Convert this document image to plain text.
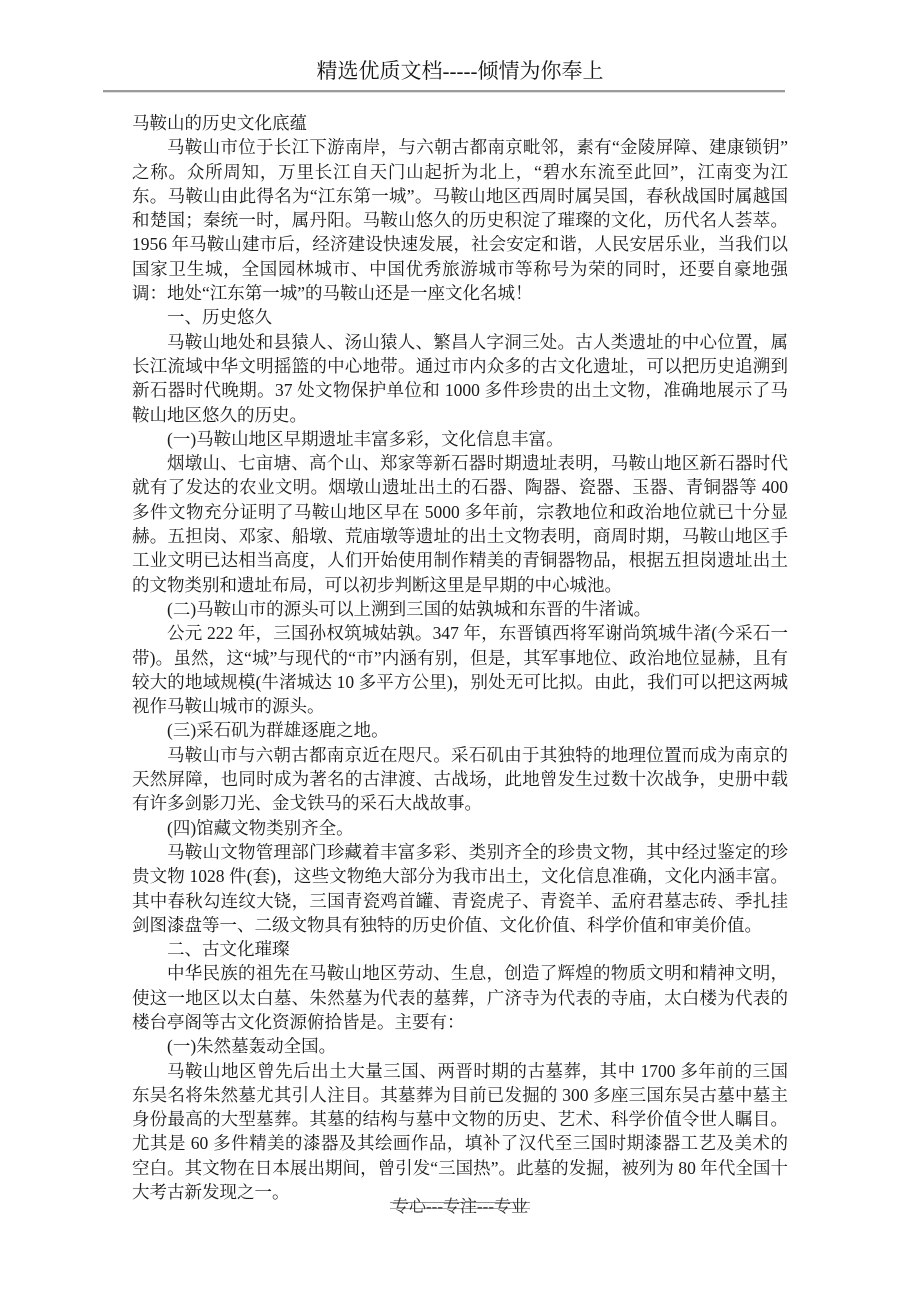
精选优质文档-----倾情为你奉上

马鞍山的历史文化底蕴

马鞍山市位于长江下游南岸，与六朝古都南京毗邻，素有“金陵屏障、建康锁钥”之称。众所周知，万里长江自天门山起折为北上，“碧水东流至此回”，江南变为江东。马鞍山由此得名为“江东第一城”。马鞍山地区西周时属吴国，春秋战国时属越国和楚国；秦统一时，属丹阳。马鞍山悠久的历史积淀了璀璨的文化，历代名人荟萃。1956 年马鞍山建市后，经济建设快速发展，社会安定和谐，人民安居乐业，当我们以国家卫生城，全国园林城市、中国优秀旅游城市等称号为荣的同时，还要自豪地强调：地处“江东第一城”的马鞍山还是一座文化名城！

一、历史悠久

马鞍山地处和县猿人、汤山猿人、繁昌人字洞三处。古人类遗址的中心位置，属长江流域中华文明摇篮的中心地带。通过市内众多的古文化遗址，可以把历史追溯到新石器时代晚期。37 处文物保护单位和 1000 多件珍贵的出土文物，准确地展示了马鞍山地区悠久的历史。

(一)马鞍山地区早期遗址丰富多彩，文化信息丰富。

烟墩山、七亩塘、高个山、郑家等新石器时期遗址表明，马鞍山地区新石器时代就有了发达的农业文明。烟墩山遗址出土的石器、陶器、瓷器、玉器、青铜器等 400 多件文物充分证明了马鞍山地区早在 5000 多年前，宗教地位和政治地位就已十分显赫。五担岗、邓家、船墩、荒庙墩等遗址的出土文物表明，商周时期，马鞍山地区手工业文明已达相当高度，人们开始使用制作精美的青铜器物品，根据五担岗遗址出土的文物类别和遗址布局，可以初步判断这里是早期的中心城池。

(二)马鞍山市的源头可以上溯到三国的姑孰城和东晋的牛渚诚。

公元 222 年，三国孙权筑城姑孰。347 年，东晋镇西将军谢尚筑城牛渚(今采石一带)。虽然，这“城”与现代的“市”内涵有别，但是，其军事地位、政治地位显赫，且有较大的地域规模(牛渚城达 10 多平方公里)，别处无可比拟。由此，我们可以把这两城视作马鞍山城市的源头。

(三)采石矶为群雄逐鹿之地。

马鞍山市与六朝古都南京近在咫尺。采石矶由于其独特的地理位置而成为南京的天然屏障，也同时成为著名的古津渡、古战场，此地曾发生过数十次战争，史册中载有许多剑影刀光、金戈铁马的采石大战故事。

(四)馆藏文物类别齐全。

马鞍山文物管理部门珍藏着丰富多彩、类别齐全的珍贵文物，其中经过鉴定的珍贵文物 1028 件(套)，这些文物绝大部分为我市出土，文化信息准确，文化内涵丰富。其中春秋勾连纹大铙，三国青瓷鸡首罐、青瓷虎子、青瓷羊、孟府君墓志砖、季扎挂剑图漆盘等一、二级文物具有独特的历史价值、文化价值、科学价值和审美价值。

二、古文化璀璨

中华民族的祖先在马鞍山地区劳动、生息，创造了辉煌的物质文明和精神文明，使这一地区以太白墓、朱然墓为代表的墓葬，广济寺为代表的寺庙，太白楼为代表的楼台亭阁等古文化资源俯拾皆是。主要有：

(一)朱然墓轰动全国。

马鞍山地区曾先后出土大量三国、两晋时期的古墓葬，其中 1700 多年前的三国东吴名将朱然墓尤其引人注目。其墓葬为目前已发掘的 300 多座三国东吴古墓中墓主身份最高的大型墓葬。其墓的结构与墓中文物的历史、艺术、科学价值令世人瞩目。尤其是 60 多件精美的漆器及其绘画作品，填补了汉代至三国时期漆器工艺及美术的空白。其文物在日本展出期间，曾引发“三国热”。此墓的发掘，被列为 80 年代全国十大考古新发现之一。

专心---专注---专业
